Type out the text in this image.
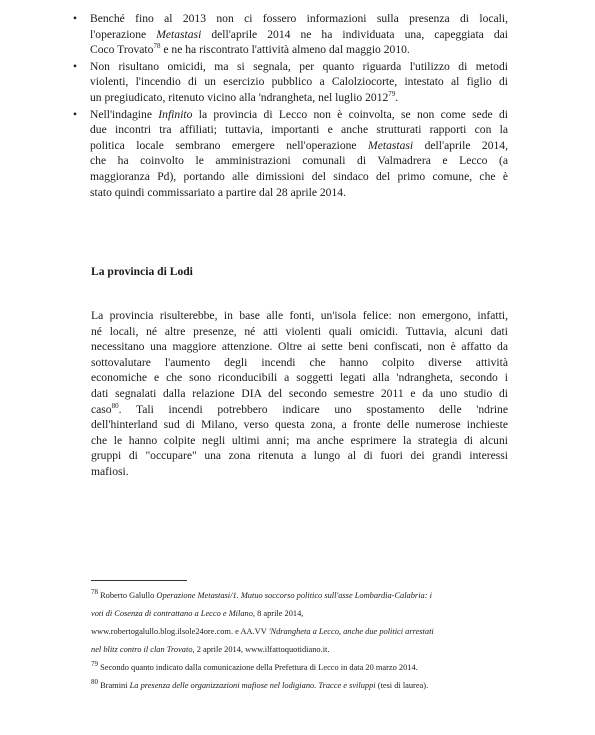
• Benché fino al 2013 non ci fossero informazioni sulla presenza di locali,
l'operazione Metastasi dell'aprile 2014 ne ha individuata una, capeggiata dai
Coco Trovato$^{78}$ e ne ha riscontrato l'attività almeno dal maggio 2010.
• Non risultano omicidi, ma si segnala, per quanto riguarda l'utilizzo di metodi
violenti, l'incendio di un esercizio pubblico a Calolziocorte, intestato al figlio di
un pregiudicato, ritenuto vicino alla 'ndrangheta, nel luglio 2012$^{79}$.
• Nell'indagine Infinito la provincia di Lecco non è coinvolta, se non come sede di
due incontri tra affiliati; tuttavia, importanti e anche strutturati rapporti con la
politica locale sembrano emergere nell'operazione Metastasi dell'aprile 2014,
che ha coinvolto le amministrazioni comunali di Valmadrera e Lecco (a
maggioranza Pd), portando alle dimissioni del sindaco del primo comune, che è
stato quindi commissariato a partire dal 28 aprile 2014.
La provincia di Lodi
La provincia risulterebbe, in base alle fonti, un'isola felice: non emergono, infatti,
né locali, né altre presenze, né atti violenti quali omicidi. Tuttavia, alcuni dati
necessitano una maggiore attenzione. Oltre ai sette beni confiscati, non è affatto da
sottovalutare l'aumento degli incendi che hanno colpito diverse attività
economiche e che sono riconducibili a soggetti legati alla 'ndrangheta, secondo i
dati segnalati dalla relazione DIA del secondo semestre 2011 e da uno studio di
caso$^{80}$. Tali incendi potrebbero indicare uno spostamento delle 'ndrine
dell'hinterland sud di Milano, verso questa zona, a fronte delle numerose inchieste
che le hanno colpite negli ultimi anni; ma anche esprimere la strategia di alcuni
gruppi di "occupare" una zona ritenuta a lungo al di fuori dei grandi interessi
mafiosi.
$^{78}$ Roberto Galullo Operazione Metastasi/1. Mutuo soccorso politico sull'asse Lombardia-Calabria: i
voti di Cosenza di contrattano a Lecco e Milano, 8 aprile 2014,
www.robertogalullo.blog.ilsole24ore.com. e AA.VV 'Ndrangheta a Lecco, anche due politici arrestati
nel blitz contro il clan Trovato, 2 aprile 2014, www.ilfattoquotidiano.it.
$^{79}$ Secondo quanto indicato dalla comunicazione della Prefettura di Lecco in data 20 marzo 2014.
$^{80}$ Bramini La presenza delle organizzazioni mafiose nel lodigiano. Tracce e sviluppi (tesi di laurea).
